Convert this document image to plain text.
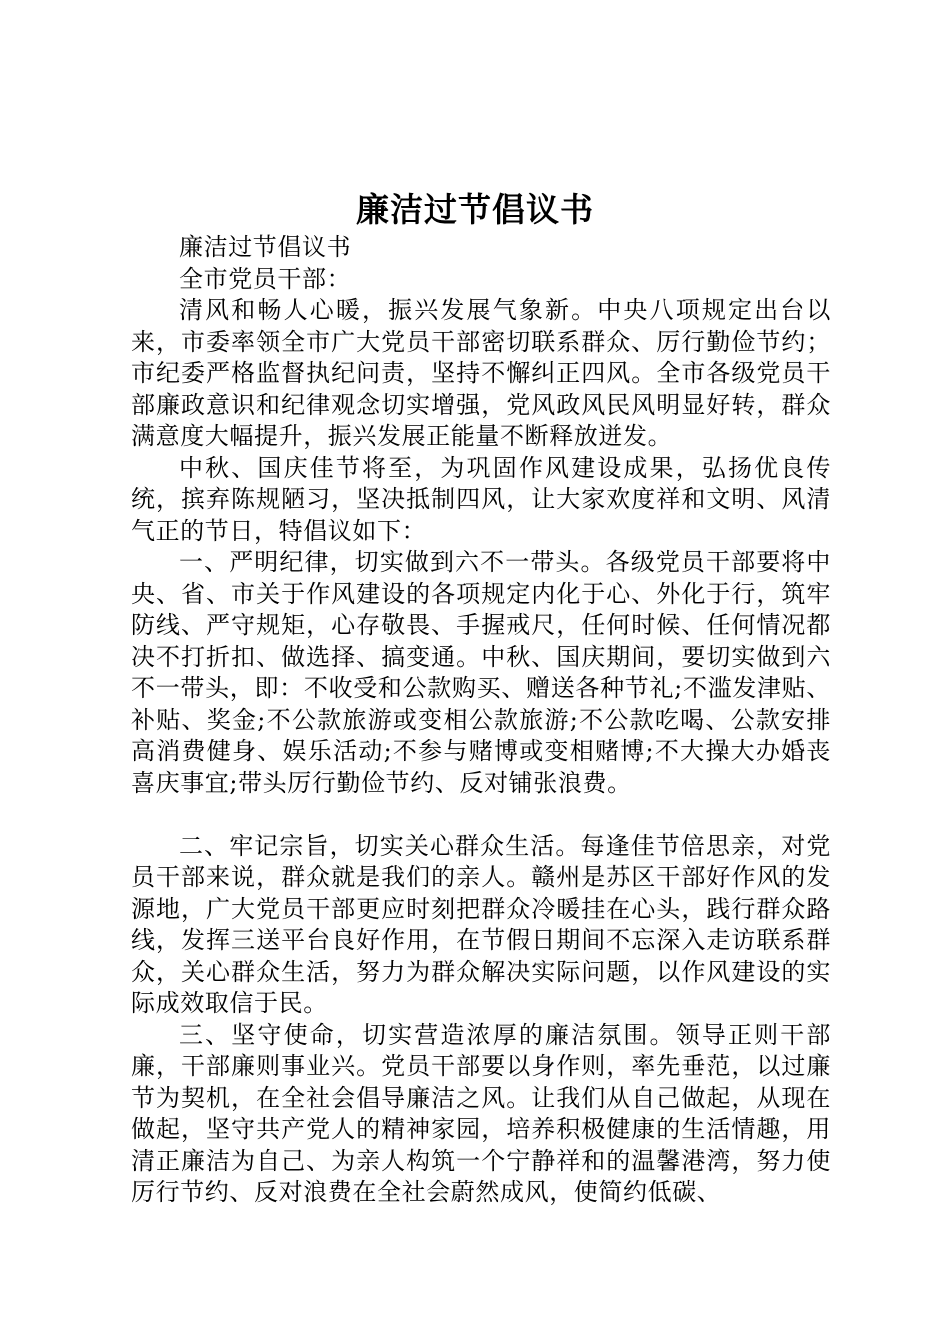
廉洁过节倡议书

廉洁过节倡议书

全市党员干部：

清风和畅人心暖，振兴发展气象新。中央八项规定出台以来，市委率领全市广大党员干部密切联系群众、厉行勤俭节约；市纪委严格监督执纪问责，坚持不懈纠正四风。全市各级党员干部廉政意识和纪律观念切实增强，党风政风民风明显好转，群众满意度大幅提升，振兴发展正能量不断释放迸发。

中秋、国庆佳节将至，为巩固作风建设成果，弘扬优良传统，摈弃陈规陋习，坚决抵制四风，让大家欢度祥和文明、风清气正的节日，特倡议如下：

一、严明纪律，切实做到六不一带头。各级党员干部要将中央、省、市关于作风建设的各项规定内化于心、外化于行，筑牢防线、严守规矩，心存敬畏、手握戒尺，任何时候、任何情况都决不打折扣、做选择、搞变通。中秋、国庆期间，要切实做到六不一带头，即：不收受和公款购买、赠送各种节礼;不滥发津贴、补贴、奖金;不公款旅游或变相公款旅游;不公款吃喝、公款安排高消费健身、娱乐活动;不参与赌博或变相赌博;不大操大办婚丧喜庆事宜;带头厉行勤俭节约、反对铺张浪费。

二、牢记宗旨，切实关心群众生活。每逢佳节倍思亲，对党员干部来说，群众就是我们的亲人。赣州是苏区干部好作风的发源地，广大党员干部更应时刻把群众冷暖挂在心头，践行群众路线，发挥三送平台良好作用，在节假日期间不忘深入走访联系群众，关心群众生活，努力为群众解决实际问题，以作风建设的实际成效取信于民。

三、坚守使命，切实营造浓厚的廉洁氛围。领导正则干部廉，干部廉则事业兴。党员干部要以身作则，率先垂范，以过廉节为契机，在全社会倡导廉洁之风。让我们从自己做起，从现在做起，坚守共产党人的精神家园，培养积极健康的生活情趣，用清正廉洁为自己、为亲人构筑一个宁静祥和的温馨港湾，努力使厉行节约、反对浪费在全社会蔚然成风，使简约低碳、
